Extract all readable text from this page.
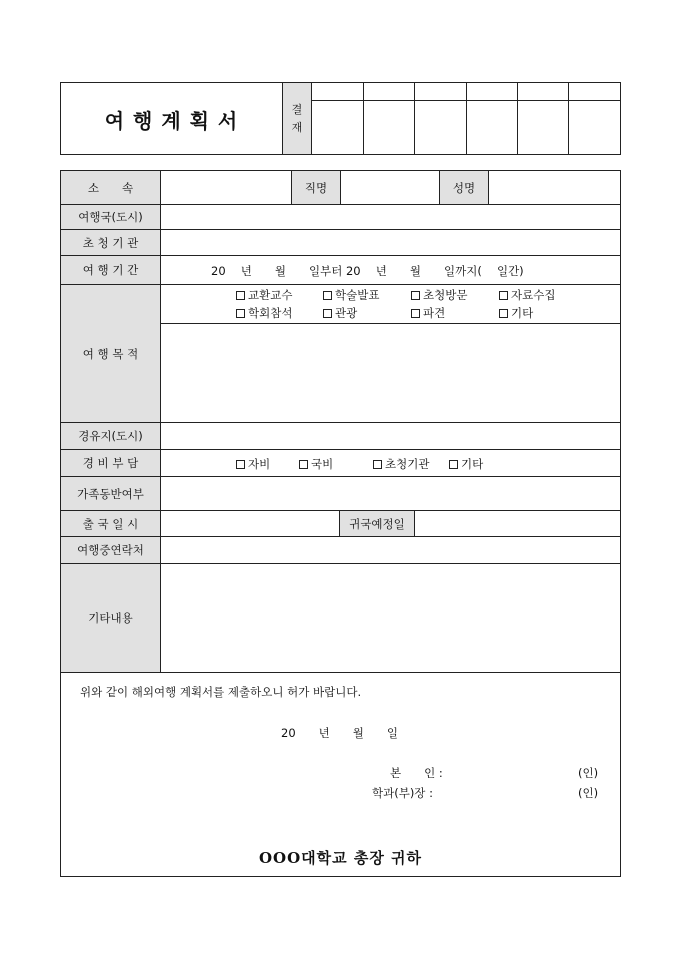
여 행 계 획 서	결
재
소　　속	직명	성명
여행국(도시)
초 청 기 관
여 행 기 간	20　 년　　월　　일부터 20　 년　　월　　일까지(　 일간)
여 행 목 적
교환교수	학술발표	초청방문	자료수집
학회참석	관광	파견	기타
경유지(도시)
경 비 부 담	자비	국비	초청기관	기타
가족동반여부
출 국 일 시	귀국예정일
여행중연락처
기타내용
위와 같이 해외여행 계획서를 제출하오니 허가 바랍니다.
20　　년　　월　　일
본　　인 :	(인)
학과(부)장 :	(인)
OOO대학교 총장 귀하
